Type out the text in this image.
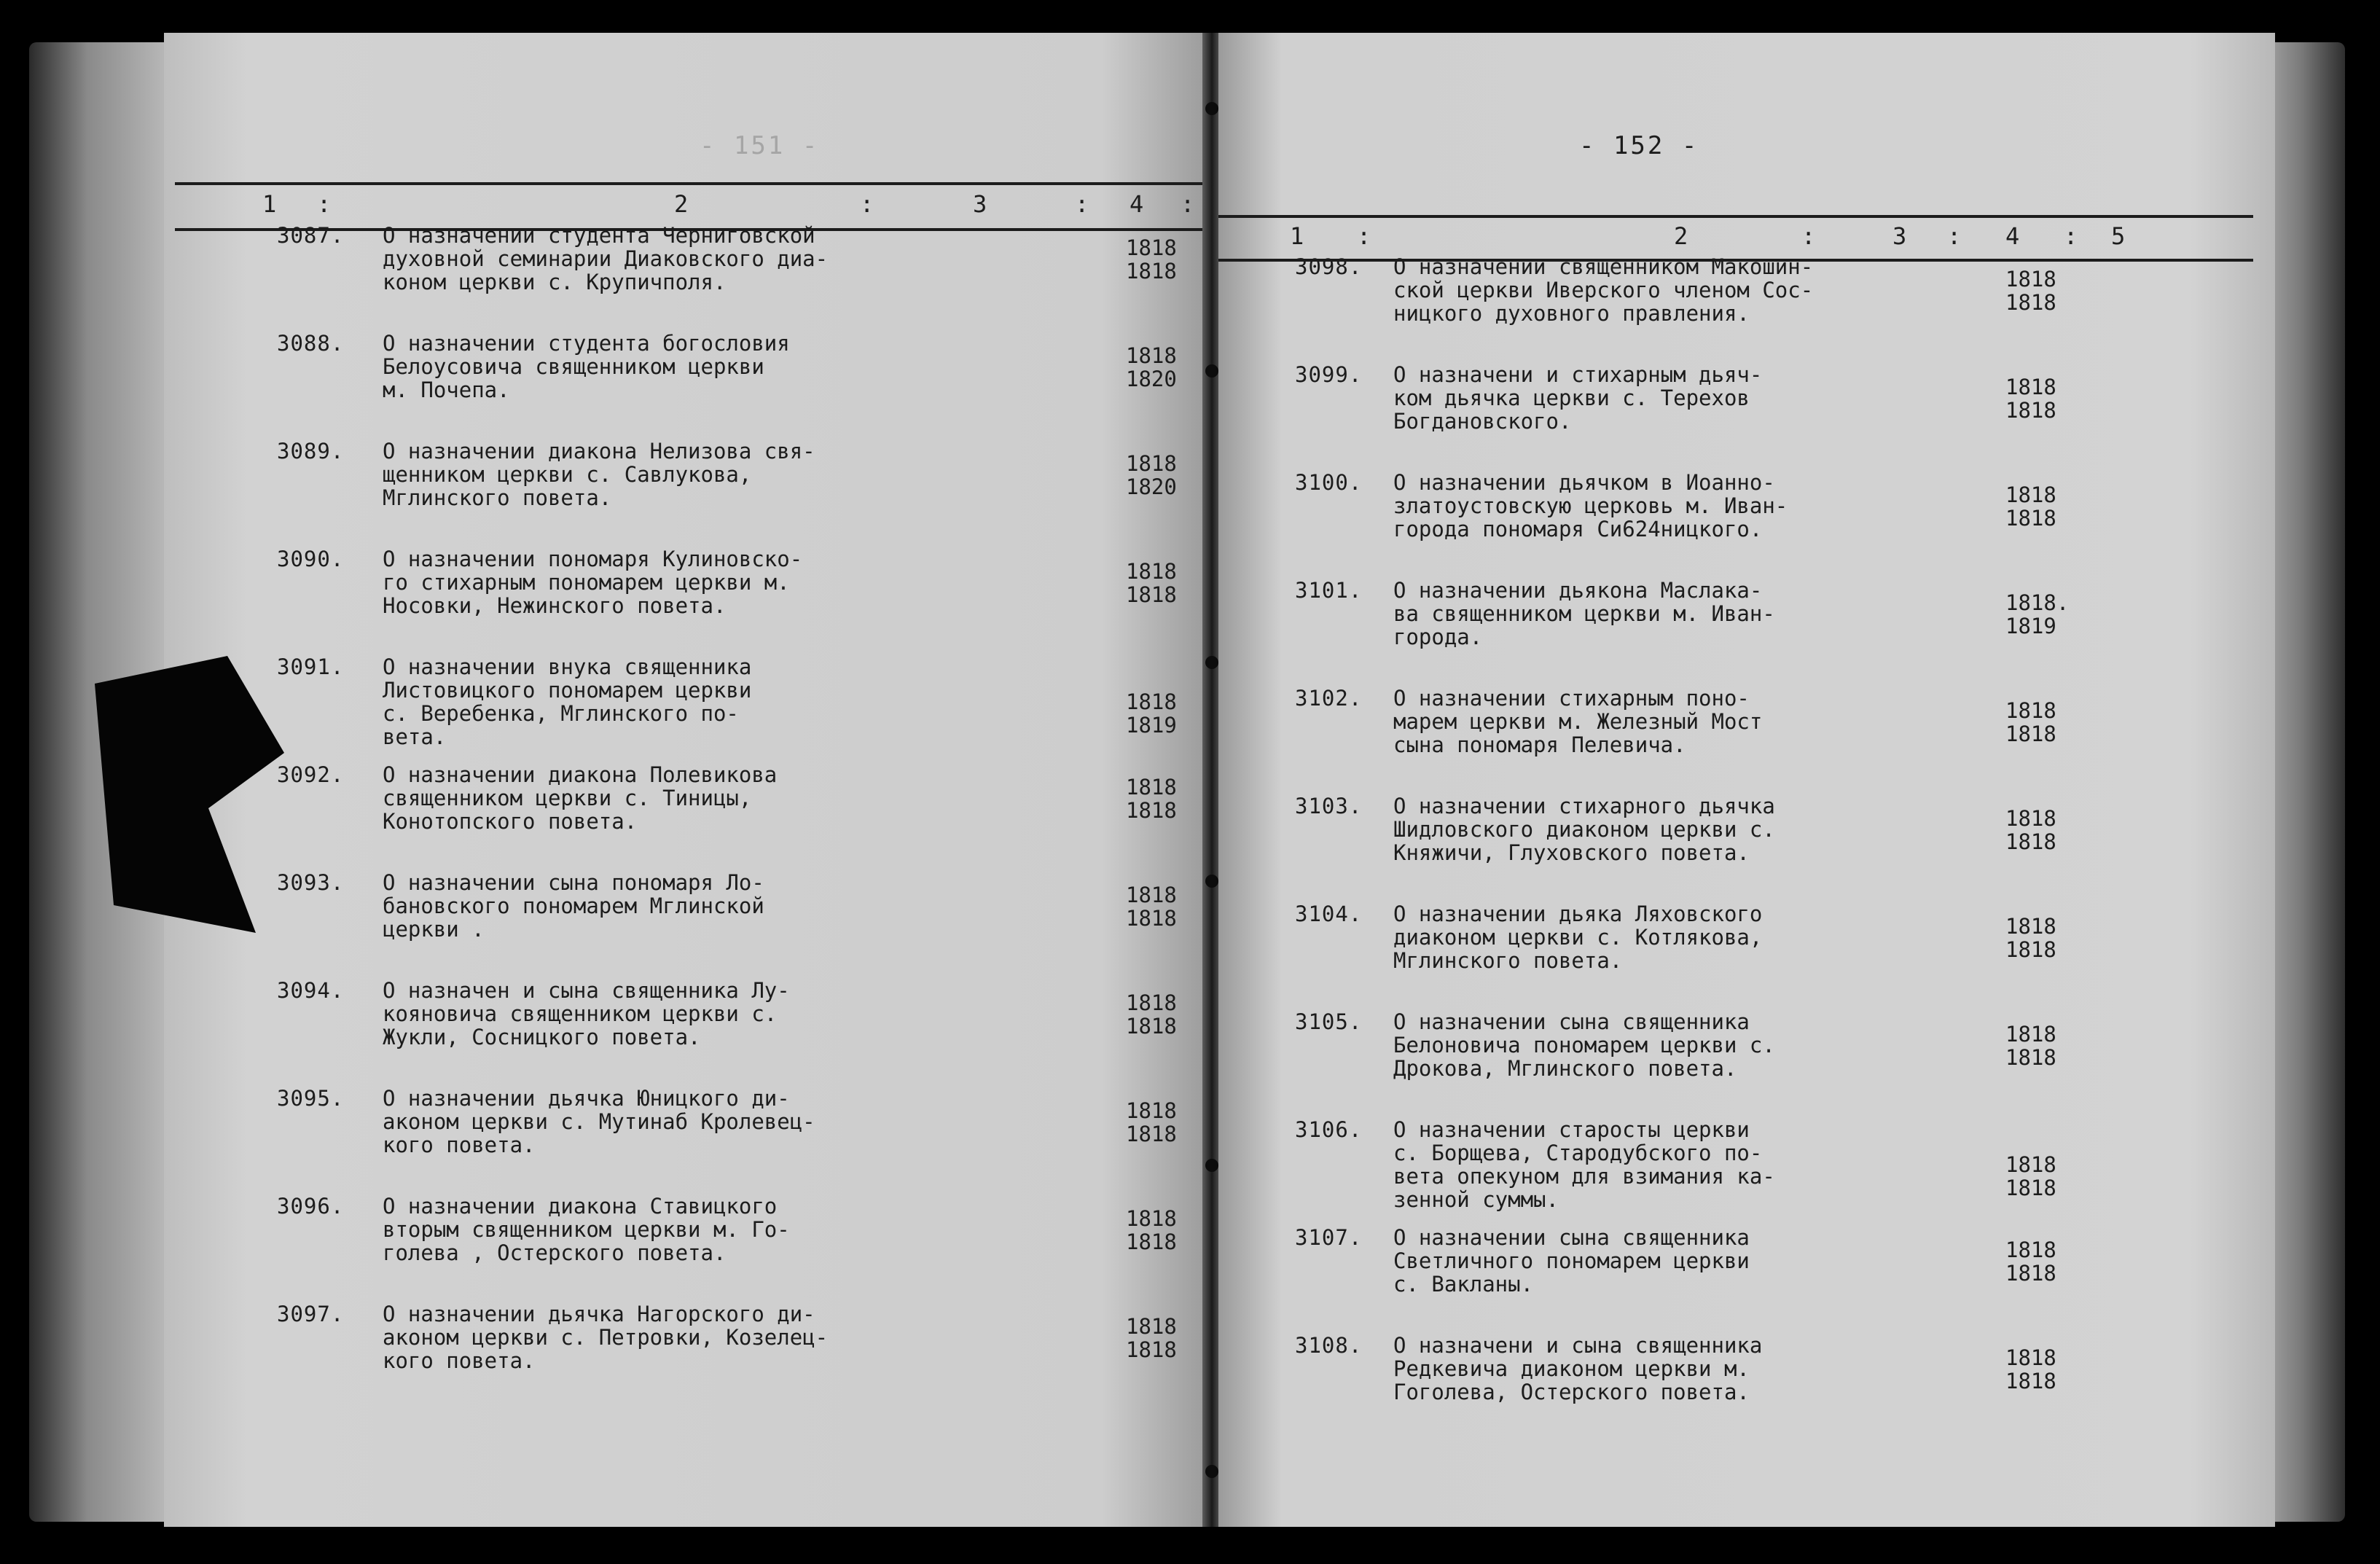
- 151 -
1 :	2	:	3	: 4 :
3087.	О назначении студента Черниговской
духовной семинарии Диаковского диа-
коном церкви с. Крупичполя.
1818
1818
3088.	О назначении студента богословия
Белоусовича священником церкви
м. Почепа.
1818
1820
3089.	О назначении диакона Нелизова свя-
щенником церкви с. Савлукова,
Мглинского повета.
1818
1820
3090.	О назначении пономаря Кулиновско-
го стихарным пономарем церкви м.
Носовки, Нежинского повета.
1818
1818
3091.	О назначении внука священника
Листовицкого пономарем церкви
с. Веребенка, Мглинского по-
вета.
1818
1819
3092.	О назначении диакона Полевикова
священником церкви с. Тиницы,
Конотопского повета.
1818
1818
3093.	О назначении сына пономаря Ло-
бановского пономарем Мглинской
церкви .
1818
1818
3094.	О назначен и сына священника Лу-
кояновича священником церкви с.
Жукли, Сосницкого повета.
1818
1818
3095.	О назначении дьячка Юницкого ди-
аконом церкви с. Мутинаб Кролевец-
кого повета.
1818
1818
3096.	О назначении диакона Ставицкого
вторым священником церкви м. Го-
голева , Остерского повета.
1818
1818
3097.	О назначении дьячка Нагорского ди-
аконом церкви с. Петровки, Козелец-
кого повета.
1818
1818
- 152 -
1 :	2	:	3 : 4 : 5
3098.	О назначении священником Макошин-
ской церкви Иверского членом Сос-
ницкого духовного правления.
1818
1818
3099.	О назначени и стихарным дьяч-
ком дьячка церкви с. Терехов
Богдановского.
1818
1818
3100.	О назначении дьячком в Иоанно-
златоустовскую церковь м. Иван-
города пономаря Си624ницкого.
1818
1818
3101.	О назначении дьякона Маслака-
ва священником церкви м. Иван-
города.
1818.
1819
3102.	О назначении стихарным поно-
марем церкви м. Железный Мост
сына пономаря Пелевича.
1818
1818
3103.	О назначении стихарного дьячка
Шидловского диаконом церкви с.
Княжичи, Глуховского повета.
1818
1818
3104.	О назначении дьяка Ляховского
диаконом церкви с. Котлякова,
Мглинского повета.
1818
1818
3105.	О назначении сына священника
Белоновича пономарем церкви с.
Дрокова, Мглинского повета.
1818
1818
3106.	О назначении старосты церкви
с. Борщева, Стародубского по-
вета опекуном для взимания ка-
зенной суммы.
1818
1818
3107.	О назначении сына священника
Светличного пономарем церкви
с. Вакланы.
1818
1818
3108.	О назначени и сына священника
Редкевича диаконом церкви м.
Гоголева, Остерского повета.
1818
1818
